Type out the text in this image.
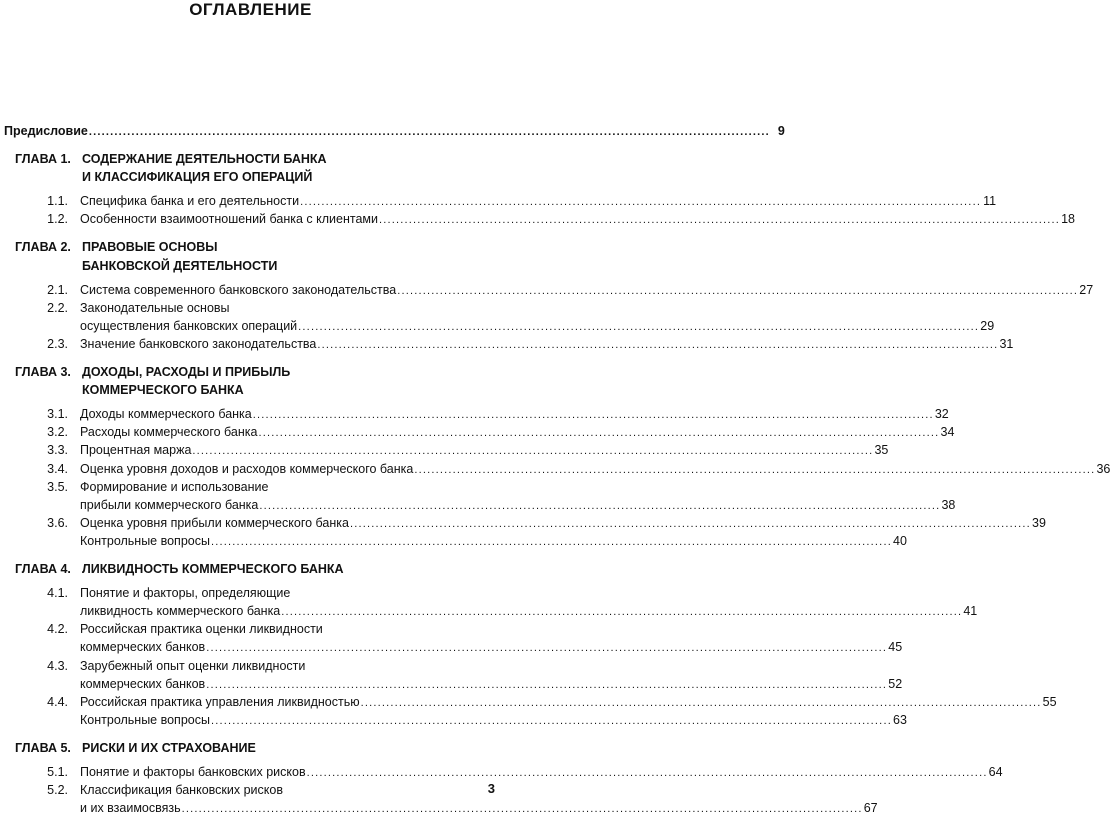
ОГЛАВЛЕНИЕ
Предисловие ................................................................................................................................................................ 9
ГЛАВА 1. СОДЕРЖАНИЕ ДЕЯТЕЛЬНОСТИ БАНКА
И КЛАССИФИКАЦИЯ ЕГО ОПЕРАЦИЙ
1.1. Специфика банка и его деятельности ................................................................................................................................................................ 11
1.2. Особенности взаимоотношений банка с клиентами ................................................................................................................................................................ 18
ГЛАВА 2. ПРАВОВЫЕ ОСНОВЫ
БАНКОВСКОЙ ДЕЯТЕЛЬНОСТИ
2.1. Система современного банковского законодательства ................................................................................................................................................................ 27
2.2. Законодательные основы
осуществления банковских операций ................................................................................................................................................................ 29
2.3. Значение банковского законодательства ................................................................................................................................................................ 31
ГЛАВА 3. ДОХОДЫ, РАСХОДЫ И ПРИБЫЛЬ
КОММЕРЧЕСКОГО БАНКА
3.1. Доходы коммерческого банка ................................................................................................................................................................ 32
3.2. Расходы коммерческого банка ................................................................................................................................................................ 34
3.3. Процентная маржа ................................................................................................................................................................ 35
3.4. Оценка уровня доходов и расходов коммерческого банка ................................................................................................................................................................ 36
3.5. Формирование и использование
прибыли коммерческого банка ................................................................................................................................................................ 38
3.6. Оценка уровня прибыли коммерческого банка ................................................................................................................................................................ 39
Контрольные вопросы ................................................................................................................................................................ 40
ГЛАВА 4. ЛИКВИДНОСТЬ КОММЕРЧЕСКОГО БАНКА
4.1. Понятие и факторы, определяющие
ликвидность коммерческого банка ................................................................................................................................................................ 41
4.2. Российская практика оценки ликвидности
коммерческих банков ................................................................................................................................................................ 45
4.3. Зарубежный опыт оценки ликвидности
коммерческих банков ................................................................................................................................................................ 52
4.4. Российская практика управления ликвидностью ................................................................................................................................................................ 55
Контрольные вопросы ................................................................................................................................................................ 63
ГЛАВА 5. РИСКИ И ИХ СТРАХОВАНИЕ
5.1. Понятие и факторы банковских рисков ................................................................................................................................................................ 64
5.2. Классификация банковских рисков
и их взаимосвязь ................................................................................................................................................................ 67
3
